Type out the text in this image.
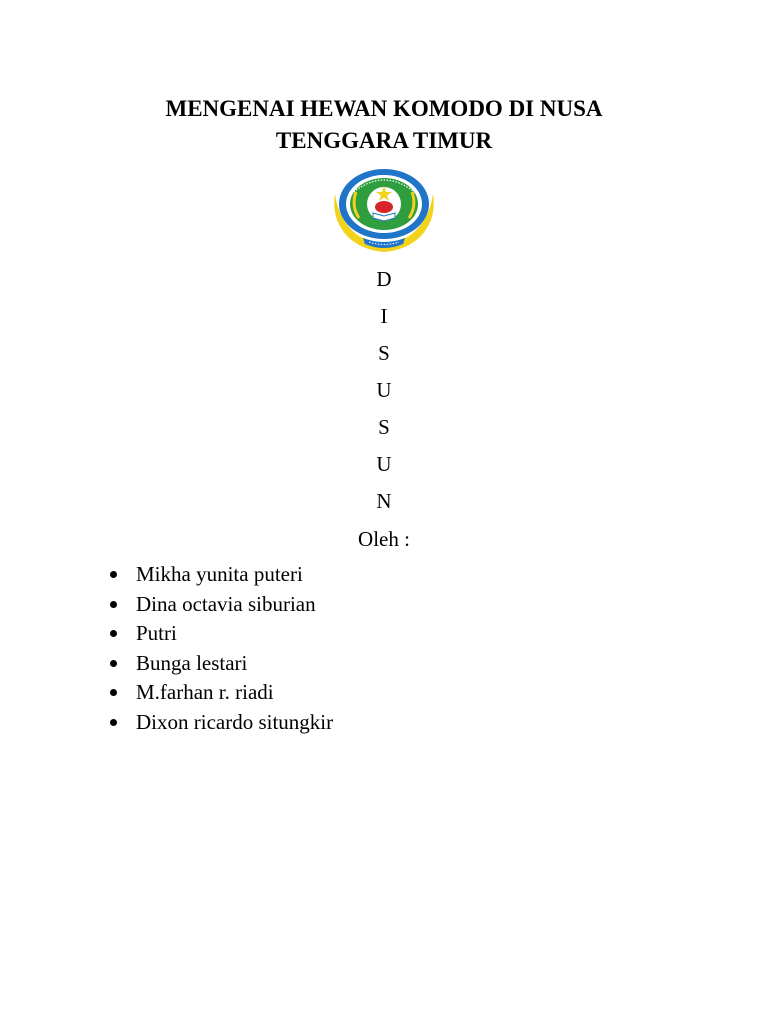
MENGENAI HEWAN KOMODO DI NUSA
TENGGARA TIMUR
D
I
S
U
S
U
N
Oleh :
Mikha yunita puteri
Dina octavia siburian
Putri
Bunga lestari
M.farhan r. riadi
Dixon ricardo situngkir
